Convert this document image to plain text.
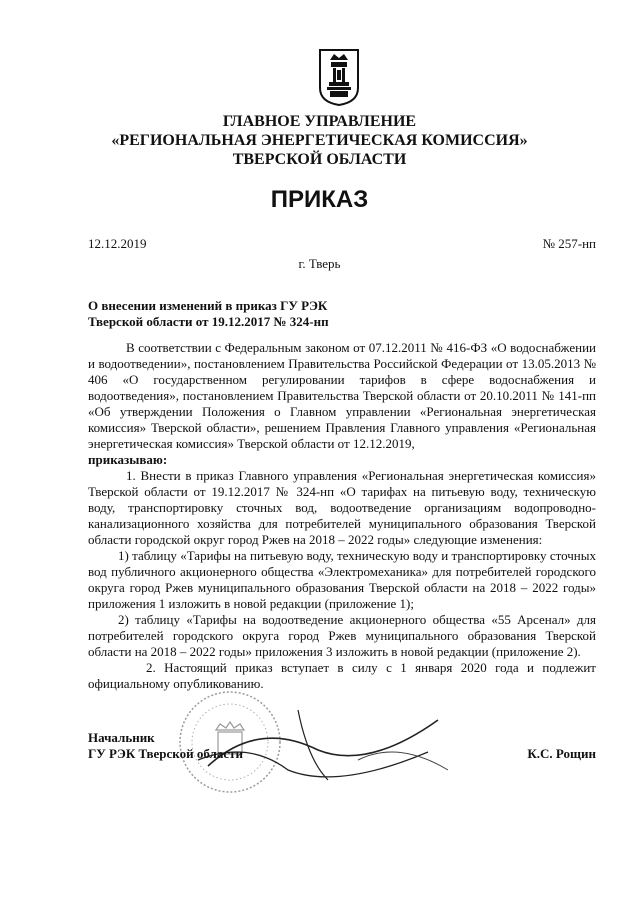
ГЛАВНОЕ УПРАВЛЕНИЕ
«РЕГИОНАЛЬНАЯ ЭНЕРГЕТИЧЕСКАЯ КОМИССИЯ»
ТВЕРСКОЙ ОБЛАСТИ
ПРИКАЗ
12.12.2019	№ 257-нп
г. Тверь
О внесении изменений в приказ ГУ РЭК
Тверской области от 19.12.2017 № 324-нп

В соответствии с Федеральным законом от 07.12.2011 № 416-ФЗ «О водоснабжении и водоотведении», постановлением Правительства Российской Федерации от 13.05.2013 № 406 «О государственном регулировании тарифов в сфере водоснабжения и водоотведения», постановлением Правительства Тверской области от 20.10.2011 № 141-пп «Об утверждении Положения о Главном управлении «Региональная энергетическая комиссия» Тверской области», решением Правления Главного управления «Региональная энергетическая комиссия» Тверской области от 12.12.2019,

приказываю:

1. Внести в приказ Главного управления «Региональная энергетическая комиссия» Тверской области от 19.12.2017 № 324-нп «О тарифах на питьевую воду, техническую воду, транспортировку сточных вод, водоотведение организациям водопроводно-канализационного хозяйства для потребителей муниципального образования Тверской области городской округ город Ржев на 2018 – 2022 годы» следующие изменения:

1) таблицу «Тарифы на питьевую воду, техническую воду и транспортировку сточных вод публичного акционерного общества «Электромеханика» для потребителей городского округа город Ржев муниципального образования Тверской области на 2018 – 2022 годы» приложения 1 изложить в новой редакции (приложение 1);

2) таблицу «Тарифы на водоотведение акционерного общества «55 Арсенал» для потребителей городского округа город Ржев муниципального образования Тверской области на 2018 – 2022 годы» приложения 3 изложить в новой редакции (приложение 2).

2. Настоящий приказ вступает в силу с 1 января 2020 года и подлежит официальному опубликованию.

Начальник
ГУ РЭК Тверской области	К.С. Рощин
